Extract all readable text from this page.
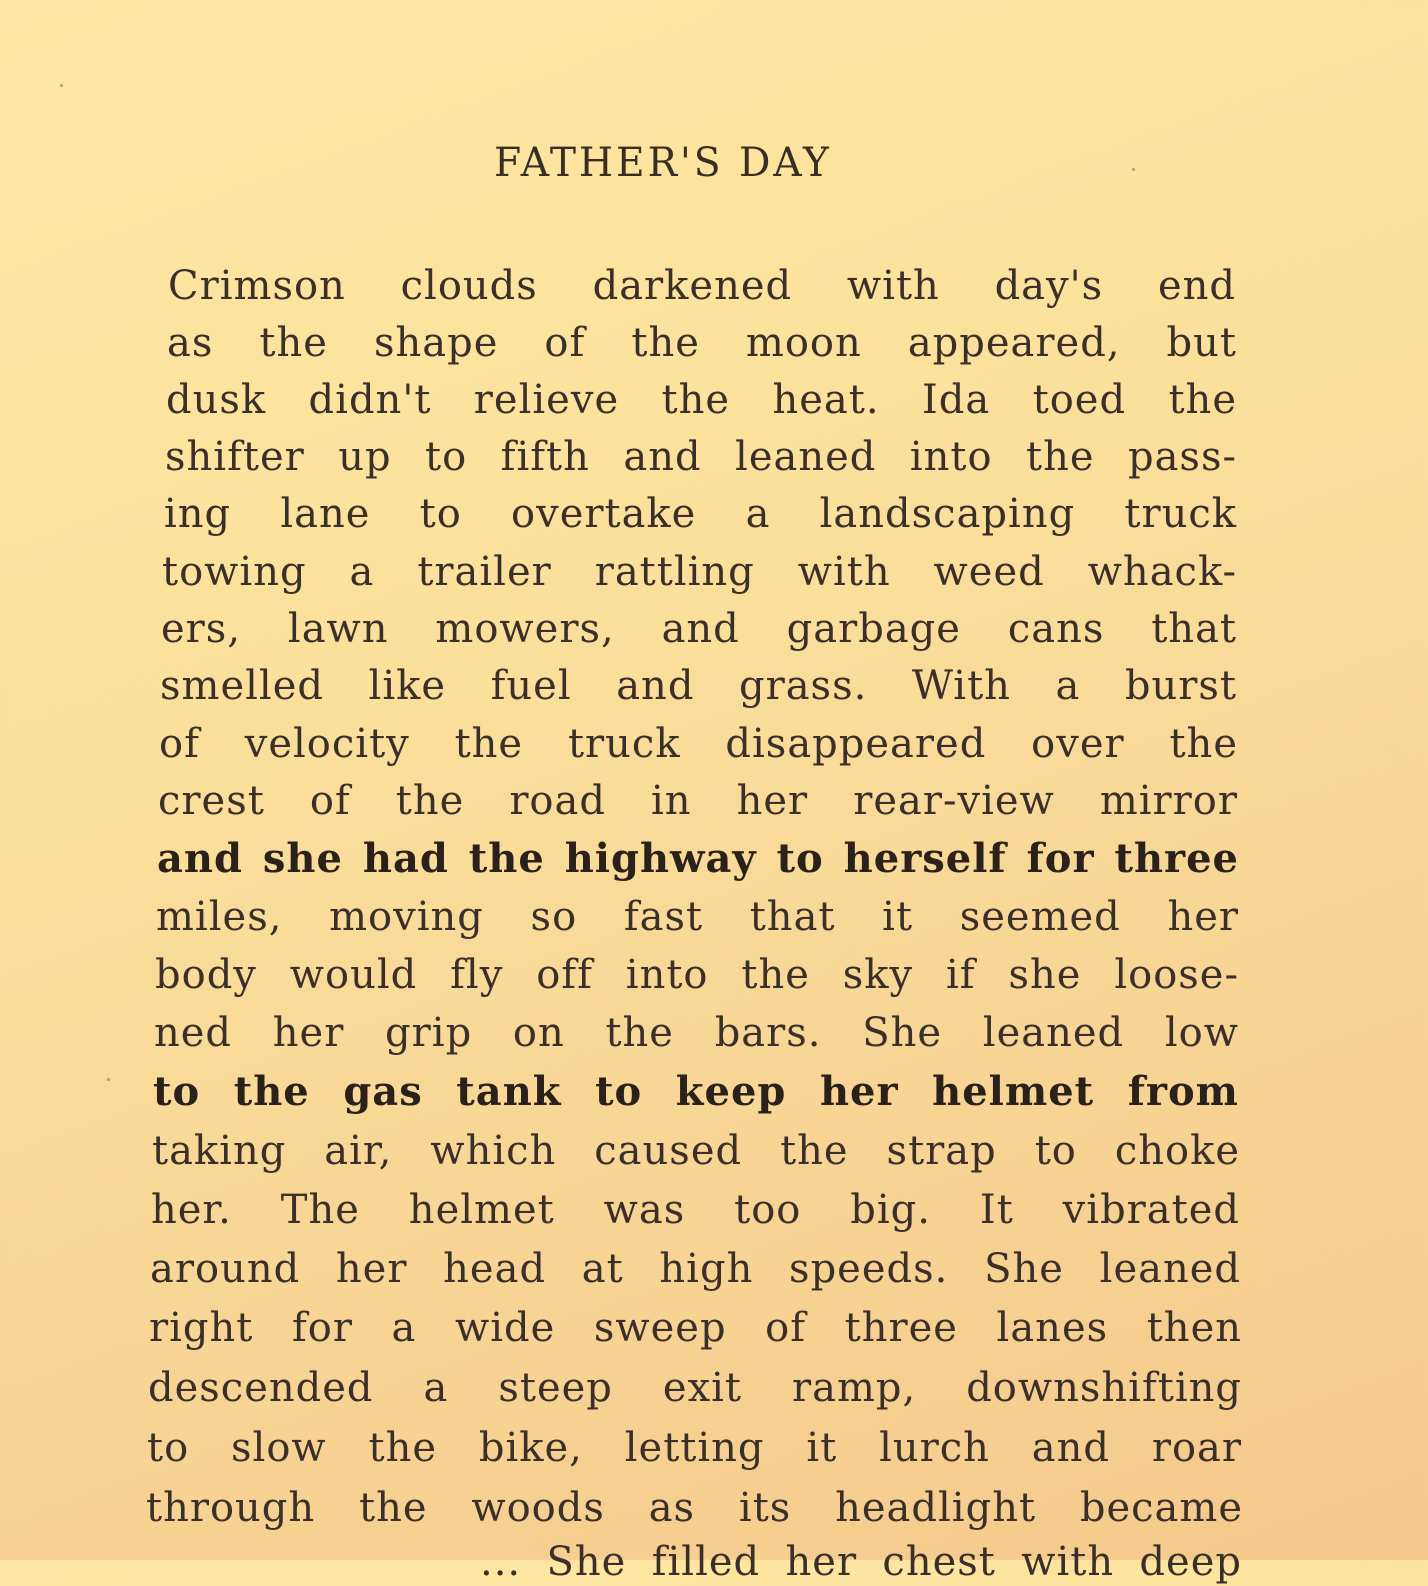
FATHER'S DAY
Crimson clouds darkened with day's end
as the shape of the moon appeared, but
dusk didn't relieve the heat. Ida toed the
shifter up to fifth and leaned into the pass-
ing lane to overtake a landscaping truck
towing a trailer rattling with weed whack-
ers, lawn mowers, and garbage cans that
smelled like fuel and grass. With a burst
of velocity the truck disappeared over the
crest of the road in her rear-view mirror
and she had the highway to herself for three
miles, moving so fast that it seemed her
body would fly off into the sky if she loose-
ned her grip on the bars. She leaned low
to the gas tank to keep her helmet from
taking air, which caused the strap to choke
her. The helmet was too big. It vibrated
around her head at high speeds. She leaned
right for a wide sweep of three lanes then
descended a steep exit ramp, downshifting
to slow the bike, letting it lurch and roar
through the woods as its headlight became
... She filled her chest with deep
